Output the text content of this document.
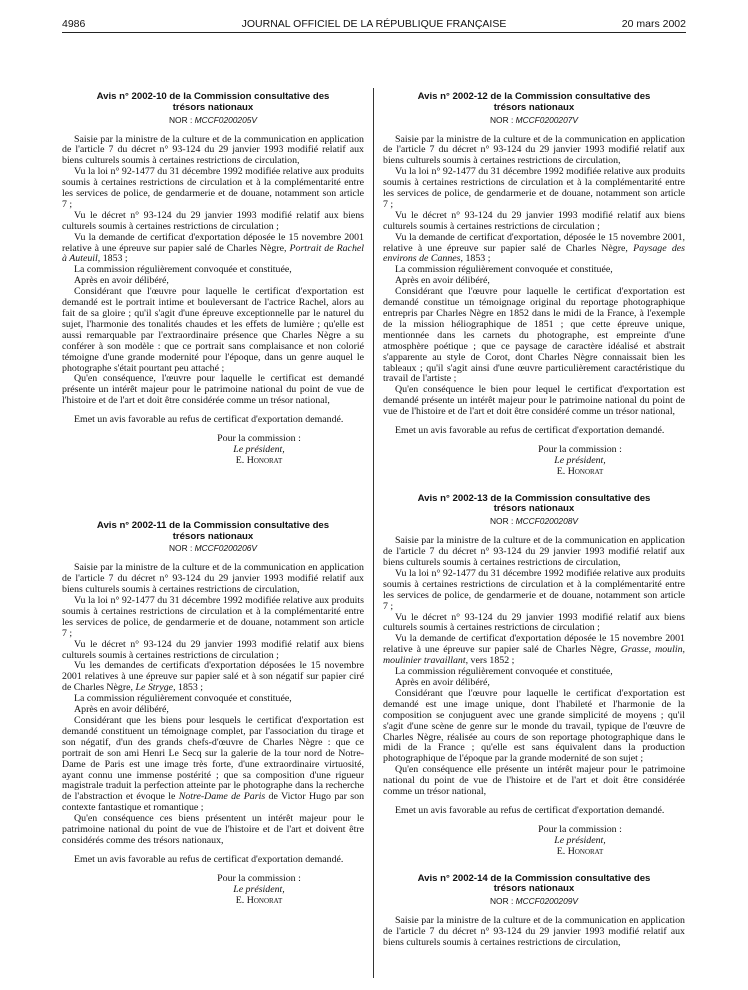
4986	JOURNAL OFFICIEL DE LA RÉPUBLIQUE FRANÇAISE	20 mars 2002

Avis n° 2002-10 de la Commission consultative des trésors nationaux

NOR : MCCF0200205V

Saisie par la ministre de la culture et de la communication en application de l'article 7 du décret n° 93-124 du 29 janvier 1993 modifié relatif aux biens culturels soumis à certaines restrictions de circulation,

Vu la loi n° 92-1477 du 31 décembre 1992 modifiée relative aux produits soumis à certaines restrictions de circulation et à la complémentarité entre les services de police, de gendarmerie et de douane, notamment son article 7 ;

Vu le décret n° 93-124 du 29 janvier 1993 modifié relatif aux biens culturels soumis à certaines restrictions de circulation ;

Vu la demande de certificat d'exportation déposée le 15 novembre 2001 relative à une épreuve sur papier salé de Charles Nègre, Portrait de Rachel à Auteuil, 1853 ;

La commission régulièrement convoquée et constituée,

Après en avoir délibéré,

Considérant que l'œuvre pour laquelle le certificat d'exportation est demandé est le portrait intime et bouleversant de l'actrice Rachel, alors au fait de sa gloire ; qu'il s'agit d'une épreuve exceptionnelle par le naturel du sujet, l'harmonie des tonalités chaudes et les effets de lumière ; qu'elle est aussi remarquable par l'extraordinaire présence que Charles Nègre a su conférer à son modèle : que ce portrait sans complaisance et non colorié témoigne d'une grande modernité pour l'époque, dans un genre auquel le photographe s'était pourtant peu attaché ;

Qu'en conséquence, l'œuvre pour laquelle le certificat est demandé présente un intérêt majeur pour le patrimoine national du point de vue de l'histoire et de l'art et doit être considérée comme un trésor national,

Emet un avis favorable au refus de certificat d'exportation demandé.

Pour la commission :
Le président,
E. Honorat

Avis n° 2002-11 de la Commission consultative des trésors nationaux

NOR : MCCF0200206V

Saisie par la ministre de la culture et de la communication en application de l'article 7 du décret n° 93-124 du 29 janvier 1993 modifié relatif aux biens culturels soumis à certaines restrictions de circulation,

Vu la loi n° 92-1477 du 31 décembre 1992 modifiée relative aux produits soumis à certaines restrictions de circulation et à la complémentarité entre les services de police, de gendarmerie et de douane, notamment son article 7 ;

Vu le décret n° 93-124 du 29 janvier 1993 modifié relatif aux biens culturels soumis à certaines restrictions de circulation ;

Vu les demandes de certificats d'exportation déposées le 15 novembre 2001 relatives à une épreuve sur papier salé et à son négatif sur papier ciré de Charles Nègre, Le Stryge, 1853 ;

La commission régulièrement convoquée et constituée,

Après en avoir délibéré,

Considérant que les biens pour lesquels le certificat d'exportation est demandé constituent un témoignage complet, par l'association du tirage et son négatif, d'un des grands chefs-d'œuvre de Charles Nègre : que ce portrait de son ami Henri Le Secq sur la galerie de la tour nord de Notre-Dame de Paris est une image très forte, d'une extraordinaire virtuosité, ayant connu une immense postérité ; que sa composition d'une rigueur magistrale traduit la perfection atteinte par le photographe dans la recherche de l'abstraction et évoque le Notre-Dame de Paris de Victor Hugo par son contexte fantastique et romantique ;

Qu'en conséquence ces biens présentent un intérêt majeur pour le patrimoine national du point de vue de l'histoire et de l'art et doivent être considérés comme des trésors nationaux,

Emet un avis favorable au refus de certificat d'exportation demandé.

Pour la commission :
Le président,
E. Honorat

Avis n° 2002-12 de la Commission consultative des trésors nationaux

NOR : MCCF0200207V

Saisie par la ministre de la culture et de la communication en application de l'article 7 du décret n° 93-124 du 29 janvier 1993 modifié relatif aux biens culturels soumis à certaines restrictions de circulation,

Vu la loi n° 92-1477 du 31 décembre 1992 modifiée relative aux produits soumis à certaines restrictions de circulation et à la complémentarité entre les services de police, de gendarmerie et de douane, notamment son article 7 ;

Vu le décret n° 93-124 du 29 janvier 1993 modifié relatif aux biens culturels soumis à certaines restrictions de circulation ;

Vu la demande de certificat d'exportation, déposée le 15 novembre 2001, relative à une épreuve sur papier salé de Charles Nègre, Paysage des environs de Cannes, 1853 ;

La commission régulièrement convoquée et constituée,

Après en avoir délibéré,

Considérant que l'œuvre pour laquelle le certificat d'exportation est demandé constitue un témoignage original du reportage photographique entrepris par Charles Nègre en 1852 dans le midi de la France, à l'exemple de la mission héliographique de 1851 ; que cette épreuve unique, mentionnée dans les carnets du photographe, est empreinte d'une atmosphère poétique ; que ce paysage de caractère idéalisé et abstrait s'apparente au style de Corot, dont Charles Nègre connaissait bien les tableaux ; qu'il s'agit ainsi d'une œuvre particulièrement caractéristique du travail de l'artiste ;

Qu'en conséquence le bien pour lequel le certificat d'exportation est demandé présente un intérêt majeur pour le patrimoine national du point de vue de l'histoire et de l'art et doit être considéré comme un trésor national,

Emet un avis favorable au refus de certificat d'exportation demandé.

Pour la commission :
Le président,
E. Honorat

Avis n° 2002-13 de la Commission consultative des trésors nationaux

NOR : MCCF0200208V

Saisie par la ministre de la culture et de la communication en application de l'article 7 du décret n° 93-124 du 29 janvier 1993 modifié relatif aux biens culturels soumis à certaines restrictions de circulation,

Vu la loi n° 92-1477 du 31 décembre 1992 modifiée relative aux produits soumis à certaines restrictions de circulation et à la complémentarité entre les services de police, de gendarmerie et de douane, notamment son article 7 ;

Vu le décret n° 93-124 du 29 janvier 1993 modifié relatif aux biens culturels soumis à certaines restrictions de circulation ;

Vu la demande de certificat d'exportation déposée le 15 novembre 2001 relative à une épreuve sur papier salé de Charles Nègre, Grasse, moulin, moulinier travaillant, vers 1852 ;

La commission régulièrement convoquée et constituée,

Après en avoir délibéré,

Considérant que l'œuvre pour laquelle le certificat d'exportation est demandé est une image unique, dont l'habileté et l'harmonie de la composition se conjuguent avec une grande simplicité de moyens ; qu'il s'agit d'une scène de genre sur le monde du travail, typique de l'œuvre de Charles Nègre, réalisée au cours de son reportage photographique dans le midi de la France ; qu'elle est sans équivalent dans la production photographique de l'époque par la grande modernité de son sujet ;

Qu'en conséquence elle présente un intérêt majeur pour le patrimoine national du point de vue de l'histoire et de l'art et doit être considérée comme un trésor national,

Emet un avis favorable au refus de certificat d'exportation demandé.

Pour la commission :
Le président,
E. Honorat

Avis n° 2002-14 de la Commission consultative des trésors nationaux

NOR : MCCF0200209V

Saisie par la ministre de la culture et de la communication en application de l'article 7 du décret n° 93-124 du 29 janvier 1993 modifié relatif aux biens culturels soumis à certaines restrictions de circulation,
